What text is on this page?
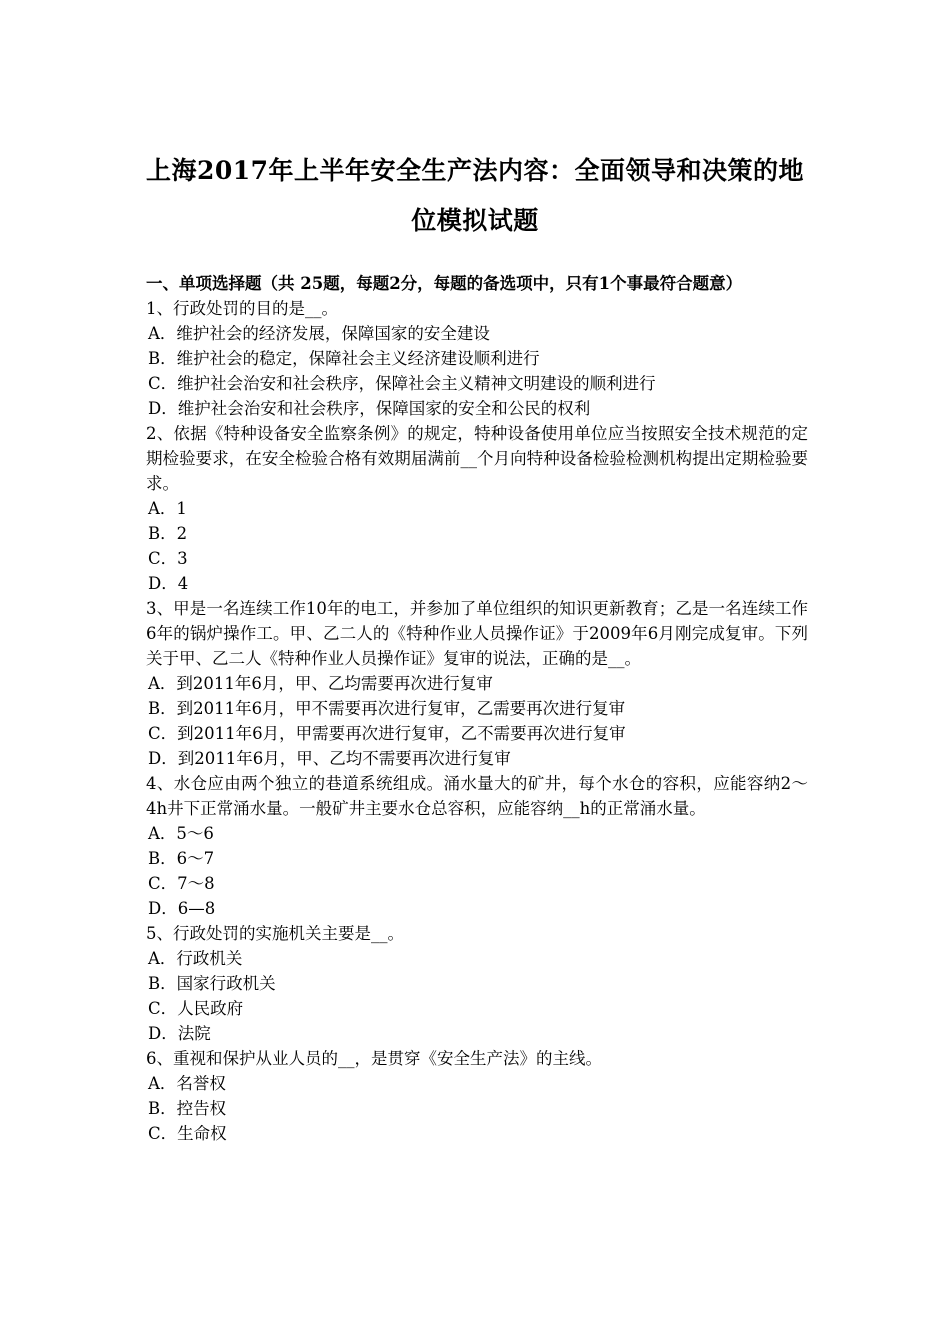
上海2017年上半年安全生产法内容：全面领导和决策的地
位模拟试题

一、单项选择题（共 25题，每题2分，每题的备选项中，只有1个事最符合题意）

1、行政处罚的目的是__。

A．维护社会的经济发展，保障国家的安全建设

B．维护社会的稳定，保障社会主义经济建设顺利进行

C．维护社会治安和社会秩序，保障社会主义精神文明建设的顺利进行

D．维护社会治安和社会秩序，保障国家的安全和公民的权利

2、依据《特种设备安全监察条例》的规定，特种设备使用单位应当按照安全技术规范的定期检验要求，在安全检验合格有效期届满前__个月向特种设备检验检测机构提出定期检验要求。

A．1

B．2

C．3

D．4

3、甲是一名连续工作10年的电工，并参加了单位组织的知识更新教育；乙是一名连续工作6年的锅炉操作工。甲、乙二人的《特种作业人员操作证》于2009年6月刚完成复审。下列关于甲、乙二人《特种作业人员操作证》复审的说法，正确的是__。

A．到2011年6月，甲、乙均需要再次进行复审

B．到2011年6月，甲不需要再次进行复审，乙需要再次进行复审

C．到2011年6月，甲需要再次进行复审，乙不需要再次进行复审

D．到2011年6月，甲、乙均不需要再次进行复审

4、水仓应由两个独立的巷道系统组成。涌水量大的矿井，每个水仓的容积，应能容纳2～4h井下正常涌水量。一般矿井主要水仓总容积，应能容纳__h的正常涌水量。

A．5～6

B．6～7

C．7～8

D．6—8

5、行政处罚的实施机关主要是__。

A．行政机关

B．国家行政机关

C．人民政府

D．法院

6、重视和保护从业人员的__，是贯穿《安全生产法》的主线。

A．名誉权

B．控告权

C．生命权
